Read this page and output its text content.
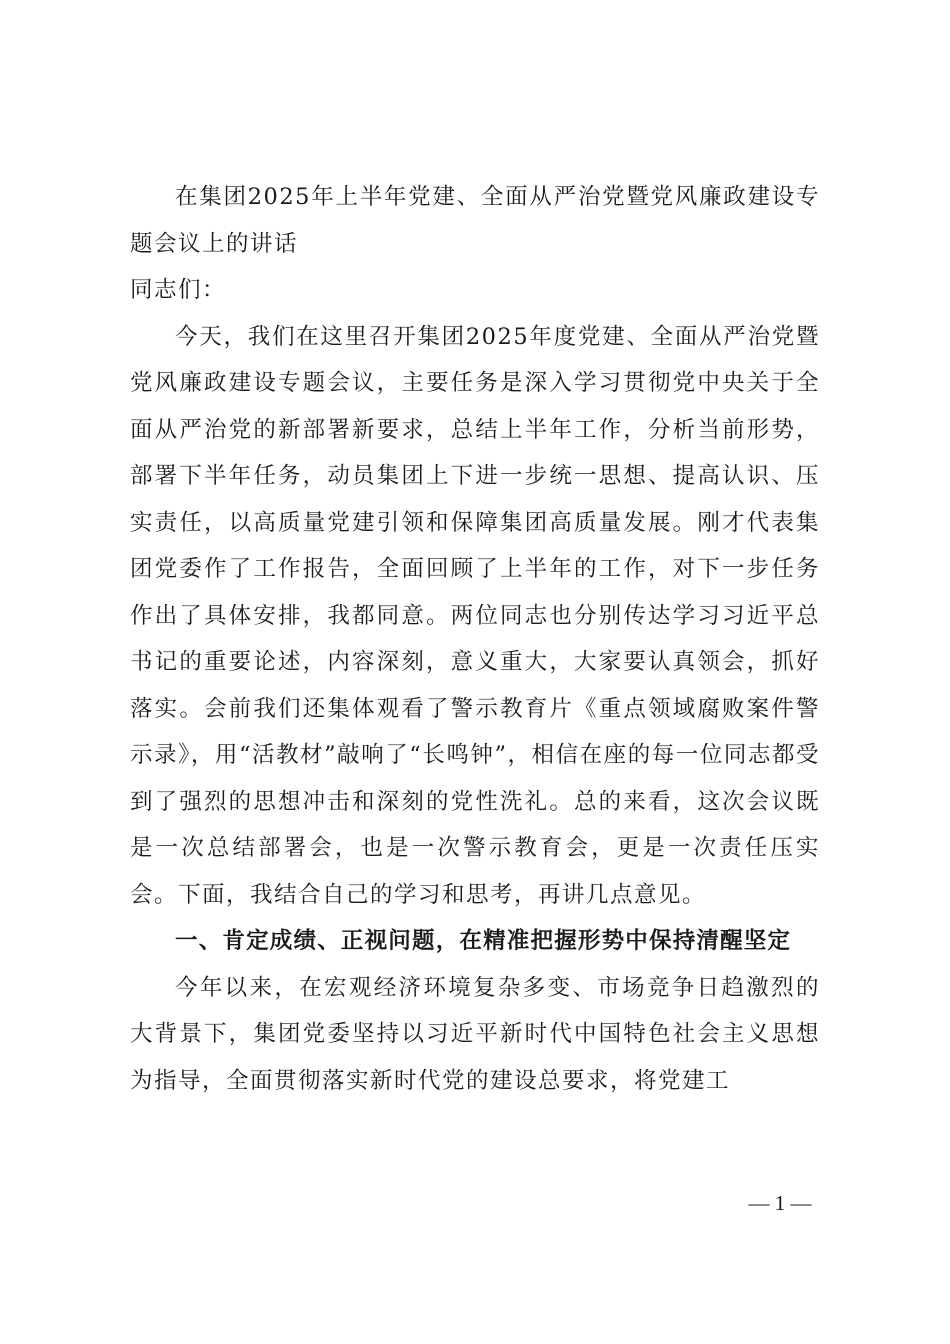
在集团2025年上半年党建、全面从严治党暨党风廉政建设专题会议上的讲话

同志们：

今天，我们在这里召开集团2025年度党建、全面从严治党暨党风廉政建设专题会议，主要任务是深入学习贯彻党中央关于全面从严治党的新部署新要求，总结上半年工作，分析当前形势，部署下半年任务，动员集团上下进一步统一思想、提高认识、压实责任，以高质量党建引领和保障集团高质量发展。刚才代表集团党委作了工作报告，全面回顾了上半年的工作，对下一步任务作出了具体安排，我都同意。两位同志也分别传达学习习近平总书记的重要论述，内容深刻，意义重大，大家要认真领会，抓好落实。会前我们还集体观看了警示教育片《重点领域腐败案件警示录》，用“活教材”敲响了“长鸣钟”，相信在座的每一位同志都受到了强烈的思想冲击和深刻的党性洗礼。总的来看，这次会议既是一次总结部署会，也是一次警示教育会，更是一次责任压实会。下面，我结合自己的学习和思考，再讲几点意见。

一、肯定成绩、正视问题，在精准把握形势中保持清醒坚定

今年以来，在宏观经济环境复杂多变、市场竞争日趋激烈的大背景下，集团党委坚持以习近平新时代中国特色社会主义思想为指导，全面贯彻落实新时代党的建设总要求，将党建工

— 1 —
